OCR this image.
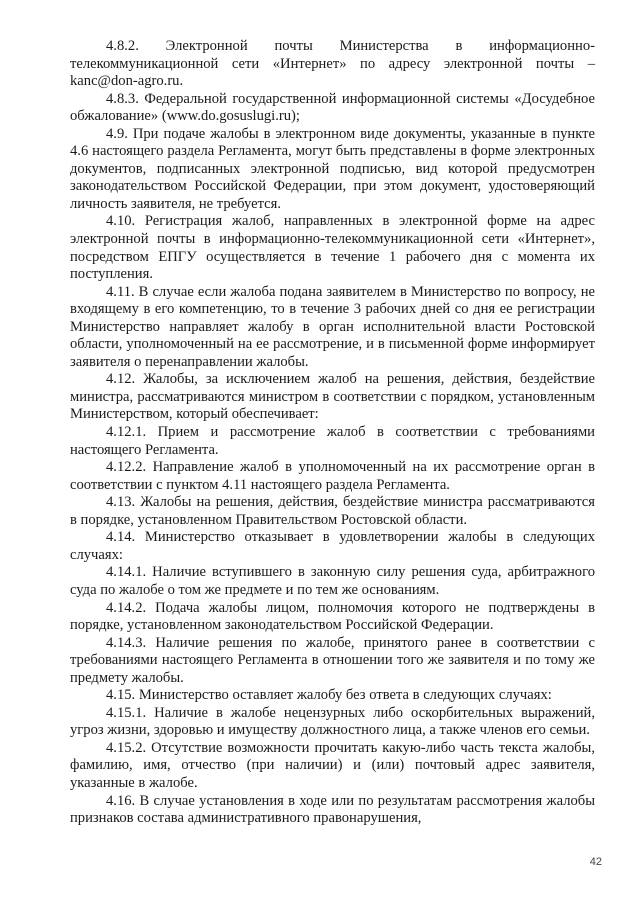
4.8.2. Электронной почты Министерства в информационно-телекоммуникационной сети «Интернет» по адресу электронной почты – kanc@don-agro.ru.

4.8.3. Федеральной государственной информационной системы «Досудебное обжалование» (www.do.gosuslugi.ru);

4.9. При подаче жалобы в электронном виде документы, указанные в пункте 4.6 настоящего раздела Регламента, могут быть представлены в форме электронных документов, подписанных электронной подписью, вид которой предусмотрен законодательством Российской Федерации, при этом документ, удостоверяющий личность заявителя, не требуется.

4.10. Регистрация жалоб, направленных в электронной форме на адрес электронной почты в информационно-телекоммуникационной сети «Интернет», посредством ЕПГУ осуществляется в течение 1 рабочего дня с момента их поступления.

4.11. В случае если жалоба подана заявителем в Министерство по вопросу, не входящему в его компетенцию, то в течение 3 рабочих дней со дня ее регистрации Министерство направляет жалобу в орган исполнительной власти Ростовской области, уполномоченный на ее рассмотрение, и в письменной форме информирует заявителя о перенаправлении жалобы.

4.12. Жалобы, за исключением жалоб на решения, действия, бездействие министра, рассматриваются министром в соответствии с порядком, установленным Министерством, который обеспечивает:

4.12.1. Прием и рассмотрение жалоб в соответствии с требованиями настоящего Регламента.

4.12.2. Направление жалоб в уполномоченный на их рассмотрение орган в соответствии с пунктом 4.11 настоящего раздела Регламента.

4.13. Жалобы на решения, действия, бездействие министра рассматриваются в порядке, установленном Правительством Ростовской области.

4.14. Министерство отказывает в удовлетворении жалобы в следующих случаях:

4.14.1. Наличие вступившего в законную силу решения суда, арбитражного суда по жалобе о том же предмете и по тем же основаниям.

4.14.2. Подача жалобы лицом, полномочия которого не подтверждены в порядке, установленном законодательством Российской Федерации.

4.14.3. Наличие решения по жалобе, принятого ранее в соответствии с требованиями настоящего Регламента в отношении того же заявителя и по тому же предмету жалобы.

4.15. Министерство оставляет жалобу без ответа в следующих случаях:

4.15.1. Наличие в жалобе нецензурных либо оскорбительных выражений, угроз жизни, здоровью и имуществу должностного лица, а также членов его семьи.

4.15.2. Отсутствие возможности прочитать какую-либо часть текста жалобы, фамилию, имя, отчество (при наличии) и (или) почтовый адрес заявителя, указанные в жалобе.

4.16. В случае установления в ходе или по результатам рассмотрения жалобы признаков состава административного правонарушения,

42
